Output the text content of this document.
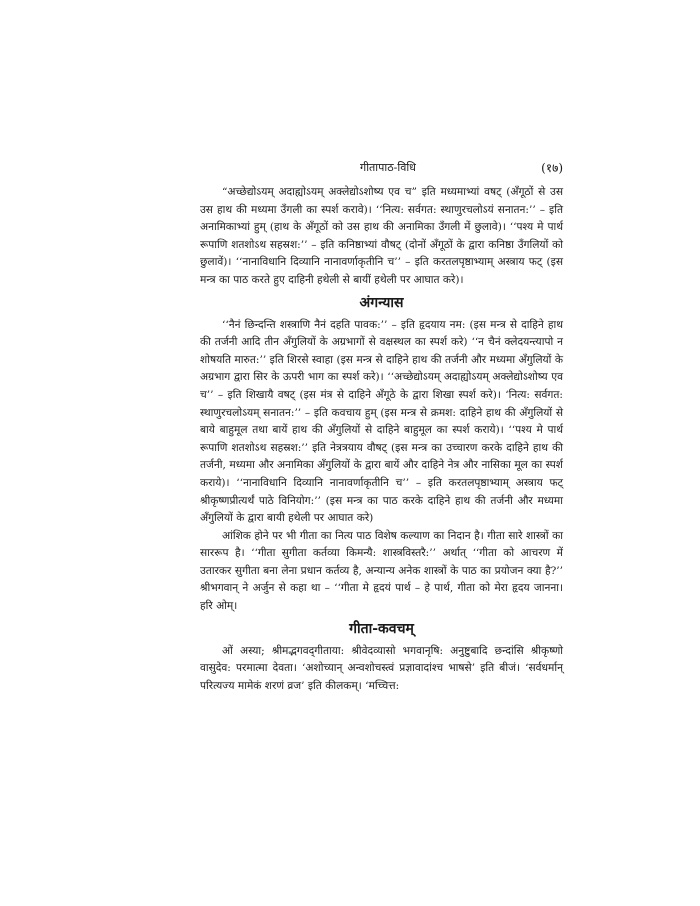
गीतापाठ-विधि	(१७)

“अच्छेद्योऽयम् अदाह्योऽयम् अक्लेद्योऽशोष्य एव च” इति मध्यमाभ्यां वषट् (अँगूठों से उस उस हाथ की मध्यमा उँगली का स्पर्श करावे)। ‘‘नित्य: सर्वगत: स्थाणुरचलोऽयं सनातन:’’ – इति अनामिकाभ्यां हुम् (हाथ के अँगूठों को उस हाथ की अनामिका उँगली में छुलावे)। ‘‘पश्य मे पार्थ रूपाणि शतशोऽथ सहस्रश:’’ – इति कनिष्ठाभ्यां वौषट् (दोनों अँगूठों के द्वारा कनिष्ठा उँगलियों को छुलावें)। ‘‘नानाविधानि दिव्यानि नानावर्णाकृतीनि च’’ – इति करतलपृष्ठाभ्याम् अस्त्राय फट् (इस मन्त्र का पाठ करते हुए दाहिनी हथेली से बायीं हथेली पर आघात करे)।

अंगन्यास

‘‘नैनं छिन्दन्ति शस्त्राणि नैनं दहति पावक:’’ – इति हृदयाय नम: (इस मन्त्र से दाहिने हाथ की तर्जनी आदि तीन अँगुलियों के अग्रभागों से वक्षस्थल का स्पर्श करे) ‘‘न चैनं क्लेदयन्त्यापो न शोषयति मारुत:’’ इति शिरसे स्वाहा (इस मन्त्र से दाहिने हाथ की तर्जनी और मध्यमा अँगुलियों के अग्रभाग द्वारा सिर के ऊपरी भाग का स्पर्श करे)। ‘‘अच्छेद्योऽयम् अदाह्योऽयम् अक्लेद्योऽशोष्य एव च’’ – इति शिखायै वषट् (इस मंत्र से दाहिने अँगूठे के द्वारा शिखा स्पर्श करे)। ‘नित्य: सर्वगत: स्थाणुरचलोऽयम् सनातन:’’ – इति कवचाय हुम् (इस मन्त्र से क्रमश: दाहिने हाथ की अँगुलियों से बाये बाहुमूल तथा बायें हाथ की अँगुलियों से दाहिने बाहुमूल का स्पर्श कराये)। ‘‘पश्य मे पार्थ रूपाणि शतशोऽथ सहस्रश:’’ इति नेत्रत्रयाय वौषट् (इस मन्त्र का उच्चारण करके दाहिने हाथ की तर्जनी, मध्यमा और अनामिका अँगुलियों के द्वारा बायें और दाहिने नेत्र और नासिका मूल का स्पर्श कराये)। ‘‘नानाविधानि दिव्यानि नानावर्णाकृतीनि च’’ – इति करतलपृष्ठाभ्याम् अस्त्राय फट् श्रीकृष्णप्रीत्यर्थं पाठे विनियोग:’’ (इस मन्त्र का पाठ करके दाहिने हाथ की तर्जनी और मध्यमा अँगुलियों के द्वारा बायी हथेली पर आघात करे)

आंशिक होने पर भी गीता का नित्य पाठ विशेष कल्याण का निदान है। गीता सारे शास्त्रों का साररूप है। ‘‘गीता सुगीता कर्तव्या किमन्यै: शास्त्रविस्तरै:’’ अर्थात् ‘‘गीता को आचरण में उतारकर सुगीता बना लेना प्रधान कर्तव्य है, अन्यान्य अनेक शास्त्रों के पाठ का प्रयोजन क्या है?’’ श्रीभगवान् ने अर्जुन से कहा था – ‘‘गीता मे हृदयं पार्थ – हे पार्थ, गीता को मेरा हृदय जानना। हरि ओम्।

गीता-कवचम्

ओं अस्या; श्रीमद्भगवद्‌गीताया: श्रीवेदव्यासो भगवानृषि: अनुष्टुबादि छन्दांसि श्रीकृष्णो वासुदेव: परमात्मा देवता। ‘अशोच्यान् अन्वशोचस्त्वं प्रज्ञावादांश्च भाषसे’ इति बीजं। ‘सर्वधर्मान् परित्यज्य मामेकं शरणं व्रज’ इति कीलकम्। ‘मच्चित्त:
